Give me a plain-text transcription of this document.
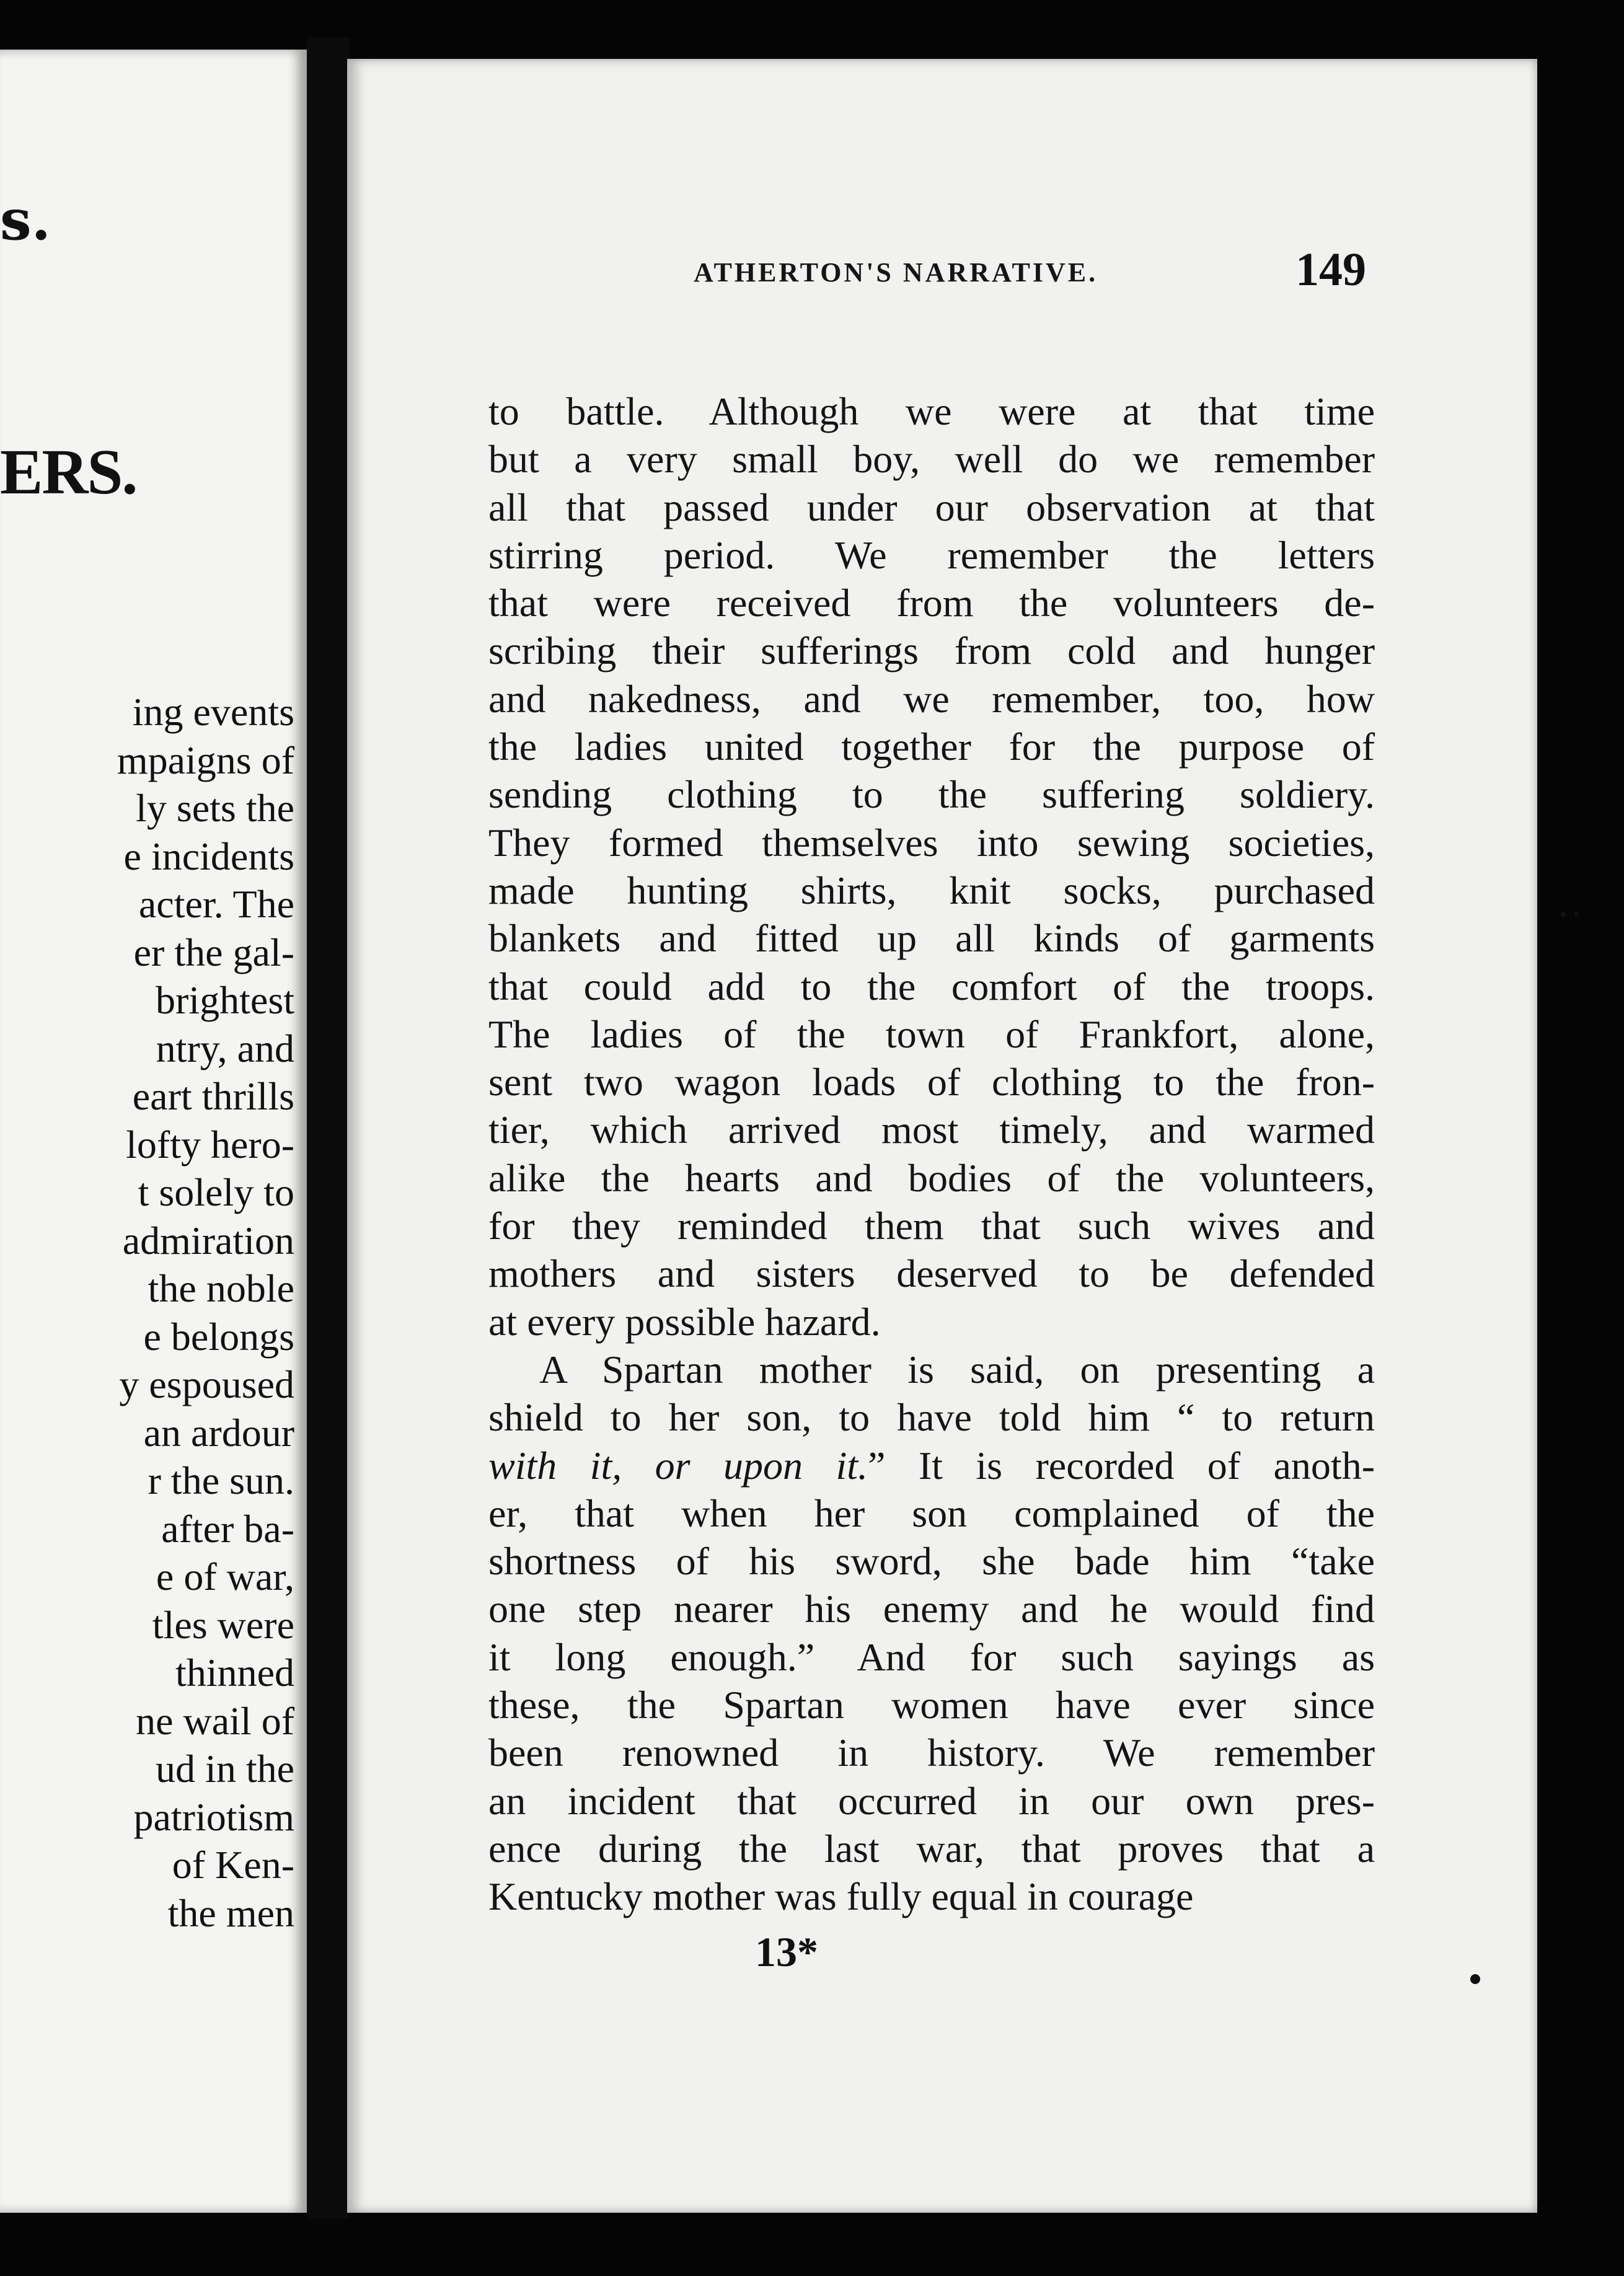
s.
ERS.
ing events
mpaigns of
ly sets the
e incidents
acter. The
er the gal-
brightest
ntry, and
eart thrills
lofty hero-
t solely to
admiration
the noble
e belongs
y espoused
an ardour
r the sun.
after ba-
e of war,
tles were
thinned
ne wail of
ud in the
patriotism
of Ken-
the men
ATHERTON'S NARRATIVE.	149
to battle. Although we were at that time
but a very small boy, well do we remember
all that passed under our observation at that
stirring period. We remember the letters
that were received from the volunteers de-
scribing their sufferings from cold and hunger
and nakedness, and we remember, too, how
the ladies united together for the purpose of
sending clothing to the suffering soldiery.
They formed themselves into sewing societies,
made hunting shirts, knit socks, purchased
blankets and fitted up all kinds of garments
that could add to the comfort of the troops.
The ladies of the town of Frankfort, alone,
sent two wagon loads of clothing to the fron-
tier, which arrived most timely, and warmed
alike the hearts and bodies of the volunteers,
for they reminded them that such wives and
mothers and sisters deserved to be defended
at every possible hazard.
A Spartan mother is said, on presenting a
shield to her son, to have told him “ to return
with it, or upon it.” It is recorded of anoth-
er, that when her son complained of the
shortness of his sword, she bade him “take
one step nearer his enemy and he would find
it long enough.” And for such sayings as
these, the Spartan women have ever since
been renowned in history. We remember
an incident that occurred in our own pres-
ence during the last war, that proves that a
Kentucky mother was fully equal in courage
13*
